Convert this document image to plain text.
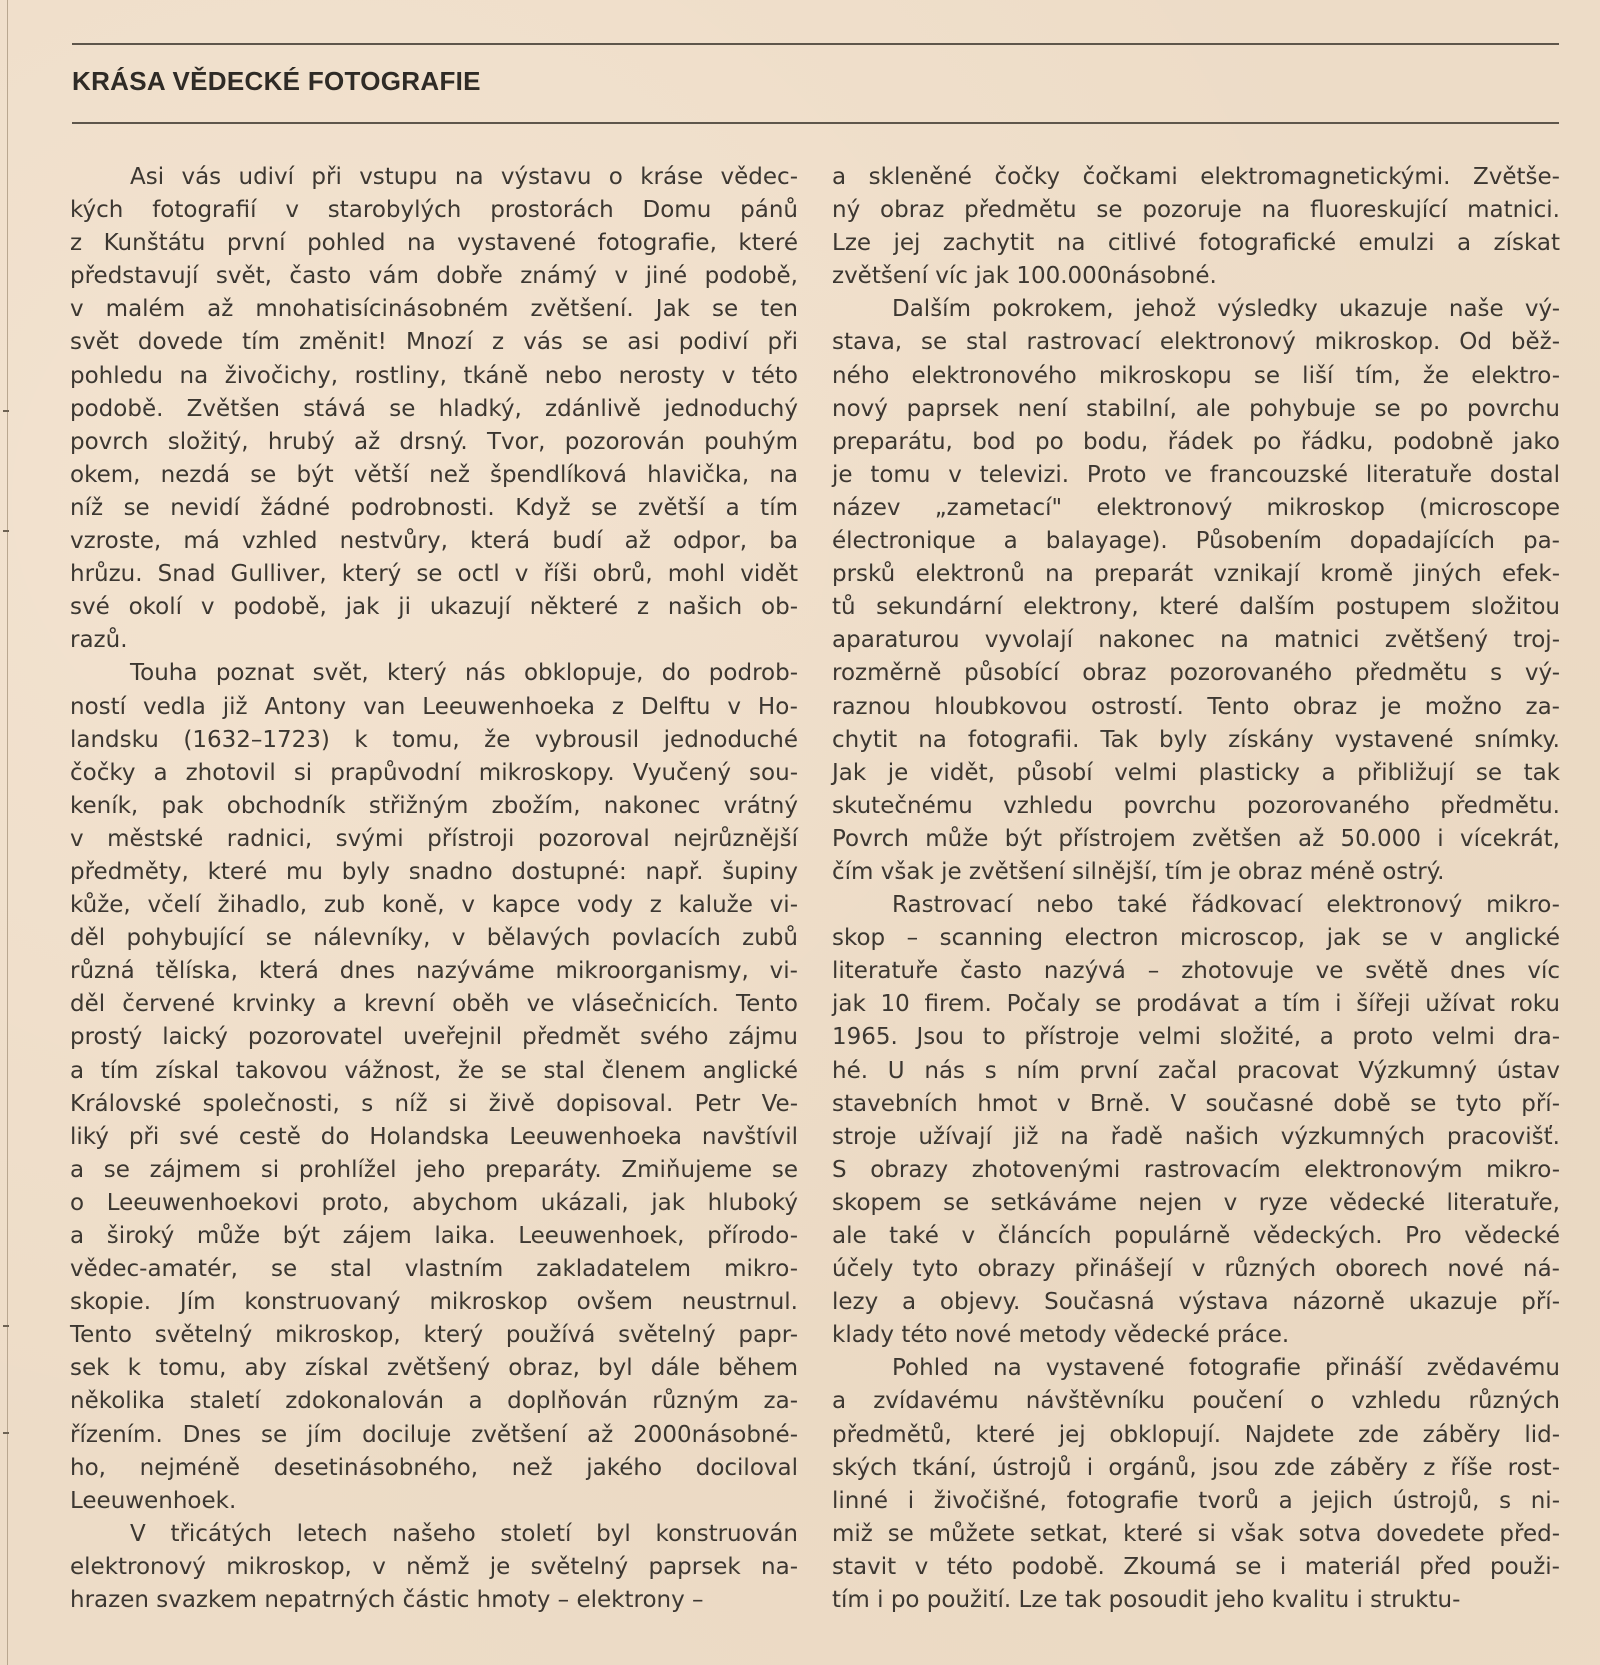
KRÁSA VĚDECKÉ FOTOGRAFIE

Asi vás udiví při vstupu na výstavu o kráse vědec-
kých fotografií v starobylých prostorách Domu pánů
z Kunštátu první pohled na vystavené fotografie, které
představují svět, často vám dobře známý v jiné podobě,
v malém až mnohatisícinásobném zvětšení. Jak se ten
svět dovede tím změnit! Mnozí z vás se asi podiví při
pohledu na živočichy, rostliny, tkáně nebo nerosty v této
podobě. Zvětšen stává se hladký, zdánlivě jednoduchý
povrch složitý, hrubý až drsný. Tvor, pozorován pouhým
okem, nezdá se být větší než špendlíková hlavička, na
níž se nevidí žádné podrobnosti. Když se zvětší a tím
vzroste, má vzhled nestvůry, která budí až odpor, ba
hrůzu. Snad Gulliver, který se octl v říši obrů, mohl vidět
své okolí v podobě, jak ji ukazují některé z našich ob-
razů.

Touha poznat svět, který nás obklopuje, do podrob-
ností vedla již Antony van Leeuwenhoeka z Delftu v Ho-
landsku (1632–1723) k tomu, že vybrousil jednoduché
čočky a zhotovil si prapůvodní mikroskopy. Vyučený sou-
keník, pak obchodník střižným zbožím, nakonec vrátný
v městské radnici, svými přístroji pozoroval nejrůznější
předměty, které mu byly snadno dostupné: např. šupiny
kůže, včelí žihadlo, zub koně, v kapce vody z kaluže vi-
děl pohybující se nálevníky, v bělavých povlacích zubů
různá tělíska, která dnes nazýváme mikroorganismy, vi-
děl červené krvinky a krevní oběh ve vlásečnicích. Tento
prostý laický pozorovatel uveřejnil předmět svého zájmu
a tím získal takovou vážnost, že se stal členem anglické
Královské společnosti, s níž si živě dopisoval. Petr Ve-
liký při své cestě do Holandska Leeuwenhoeka navštívil
a se zájmem si prohlížel jeho preparáty. Zmiňujeme se
o Leeuwenhoekovi proto, abychom ukázali, jak hluboký
a široký může být zájem laika. Leeuwenhoek, přírodo-
vědec-amatér, se stal vlastním zakladatelem mikro-
skopie. Jím konstruovaný mikroskop ovšem neustrnul.
Tento světelný mikroskop, který používá světelný papr-
sek k tomu, aby získal zvětšený obraz, byl dále během
několika staletí zdokonalován a doplňován různým za-
řízením. Dnes se jím dociluje zvětšení až 2000násobné-
ho, nejméně desetinásobného, než jakého dociloval
Leeuwenhoek.

V třicátých letech našeho století byl konstruován
elektronový mikroskop, v němž je světelný paprsek na-
hrazen svazkem nepatrných částic hmoty – elektrony –

a skleněné čočky čočkami elektromagnetickými. Zvětše-
ný obraz předmětu se pozoruje na fluoreskující matnici.
Lze jej zachytit na citlivé fotografické emulzi a získat
zvětšení víc jak 100.000násobné.

Dalším pokrokem, jehož výsledky ukazuje naše vý-
stava, se stal rastrovací elektronový mikroskop. Od běž-
ného elektronového mikroskopu se liší tím, že elektro-
nový paprsek není stabilní, ale pohybuje se po povrchu
preparátu, bod po bodu, řádek po řádku, podobně jako
je tomu v televizi. Proto ve francouzské literatuře dostal
název „zametací" elektronový mikroskop (microscope
électronique a balayage). Působením dopadajících pa-
prsků elektronů na preparát vznikají kromě jiných efek-
tů sekundární elektrony, které dalším postupem složitou
aparaturou vyvolají nakonec na matnici zvětšený troj-
rozměrně působící obraz pozorovaného předmětu s vý-
raznou hloubkovou ostrostí. Tento obraz je možno za-
chytit na fotografii. Tak byly získány vystavené snímky.
Jak je vidět, působí velmi plasticky a přibližují se tak
skutečnému vzhledu povrchu pozorovaného předmětu.
Povrch může být přístrojem zvětšen až 50.000 i vícekrát,
čím však je zvětšení silnější, tím je obraz méně ostrý.

Rastrovací nebo také řádkovací elektronový mikro-
skop – scanning electron microscop, jak se v anglické
literatuře často nazývá – zhotovuje ve světě dnes víc
jak 10 firem. Počaly se prodávat a tím i šířeji užívat roku
1965. Jsou to přístroje velmi složité, a proto velmi dra-
hé. U nás s ním první začal pracovat Výzkumný ústav
stavebních hmot v Brně. V současné době se tyto pří-
stroje užívají již na řadě našich výzkumných pracovišť.
S obrazy zhotovenými rastrovacím elektronovým mikro-
skopem se setkáváme nejen v ryze vědecké literatuře,
ale také v článcích populárně vědeckých. Pro vědecké
účely tyto obrazy přinášejí v různých oborech nové ná-
lezy a objevy. Současná výstava názorně ukazuje pří-
klady této nové metody vědecké práce.

Pohled na vystavené fotografie přináší zvědavému
a zvídavému návštěvníku poučení o vzhledu různých
předmětů, které jej obklopují. Najdete zde záběry lid-
ských tkání, ústrojů i orgánů, jsou zde záběry z říše rost-
linné i živočišné, fotografie tvorů a jejich ústrojů, s ni-
miž se můžete setkat, které si však sotva dovedete před-
stavit v této podobě. Zkoumá se i materiál před použi-
tím i po použití. Lze tak posoudit jeho kvalitu i struktu-
